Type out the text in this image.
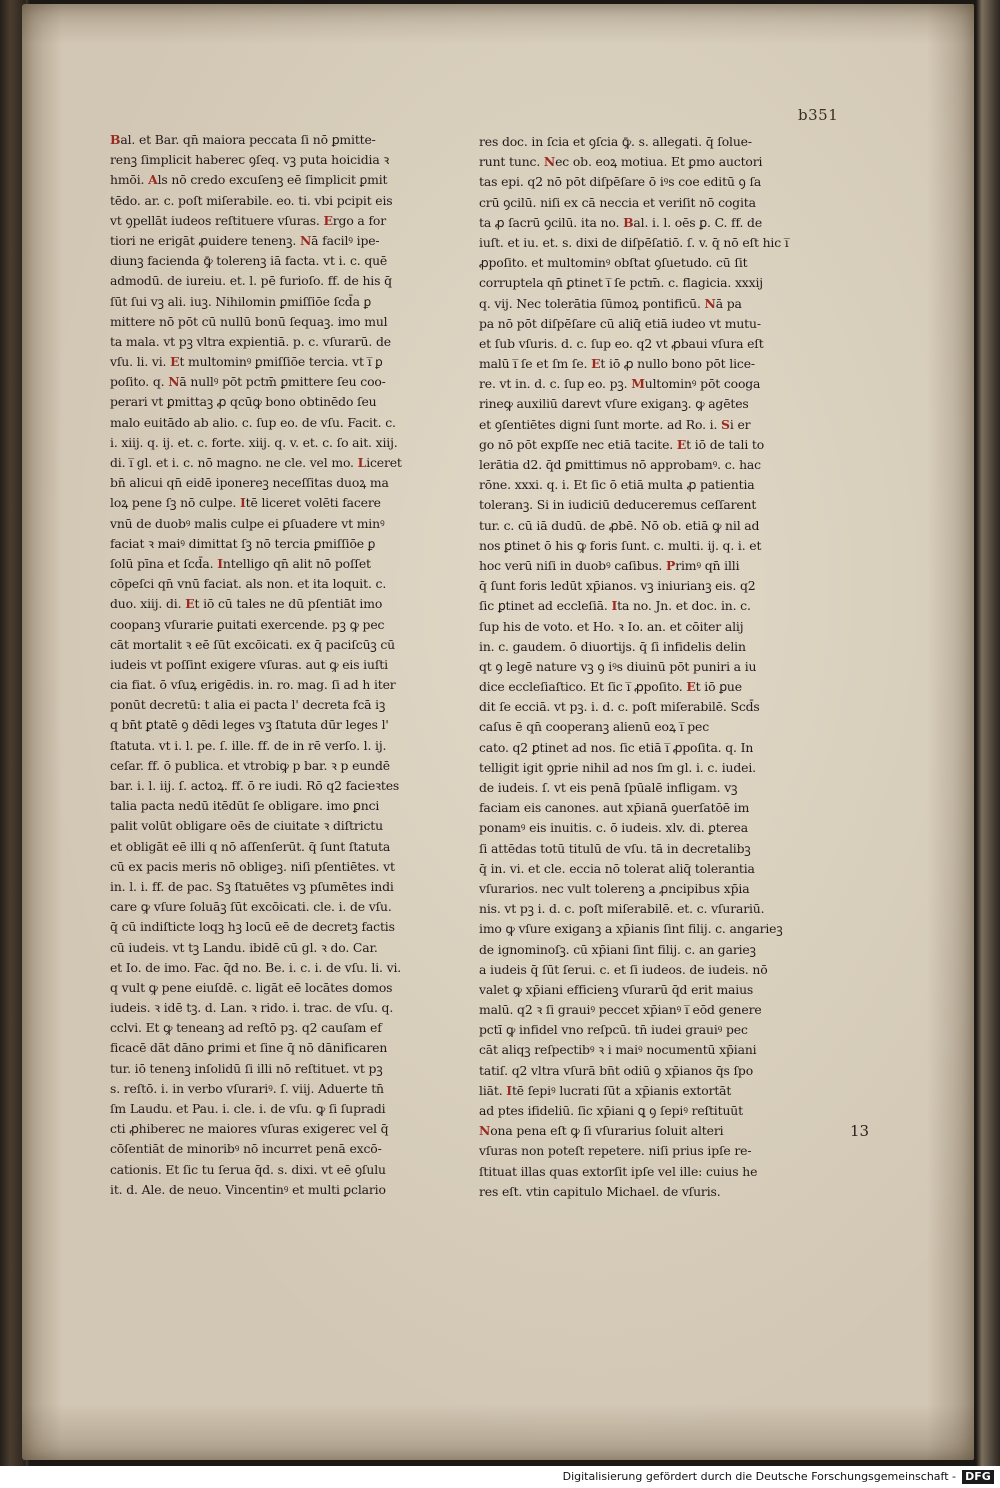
b351
Bal. et Bar. qn̄ maiora peccata ſi nō ꝑmitte-
renꝫ ſimplicit habereꞇ ꝯſeq. vꝫ puta hoicidia ꝛ
hmōi. Als nō credo excuſenꝫ eē ſimplicit ꝑmit
tēdo. ar. c. poſt miſerabile. eo. ti. vbi pcipit eis
vt ꝯpellāt iudeos reſtituere vſuras. Ergo a for
tiori ne erigāt ꝓuidere tenenꝫ. Nā facilꝰ ipe-
diunꝫ facienda ꝙ̄ tolerenꝫ iā facta. vt i. c. quē
admodū. de iureiu. et. l. pē furioſo. ff. de his q̄
ſūt ſui vꝫ ali. iuꝫ. Nihilomin ꝑmiſſiōe ſcd̄a ꝑ
mittere nō pōt cū nullū bonū ſequaꝫ. imo mul
ta mala. vt pꝫ vltra expientiā. p. c. vſurarū. de
vſu. li. vi. Et multominꝰ ꝑmiſſiōe tercia. vt i̅ ꝑ
poſito. q. Nā nullꝰ pōt pctm̄ ꝑmittere ſeu coo-
perari vt ꝑmittaꝫ ꝓ qcūꝙ bono obtinēdo ſeu
malo euitādo ab alio. c. ſup eo. de vſu. Facit. c.
i. xiij. q. ij. et. c. forte. xiij. q. v. et. c. ſo ait. xiij.
di. i̅ gl. et i. c. nō magno. ne cle. vel mo. Liceret
bn̄ alicui qn̄ eidē iponereꝫ neceſſitas duoꝝ ma
loꝝ pene ſꝫ nō culpe. Itē liceret volēti facere
vnū de duobꝰ malis culpe ei ꝑſuadere vt minꝰ
faciat ꝛ maiꝰ dimittat ſꝫ nō tercia ꝑmiſſiōe ꝑ
ſolū pīna et ſcd̄a. Intelligo qn̄ alit nō poſſet
cōpeſci qn̄ vnū faciat. als non. et ita loquit. c.
duo. xiij. di. Et iō cū tales ne dū pſentiāt imo
coopanꝫ vſurarie ꝑuitati exercende. pꝫ ꝙ pec
cāt mortalit ꝛ eē ſūt excōicati. ex q̄ paciſcūꝫ cū
iudeis vt poſſint exigere vſuras. aut ꝙ eis iuſti
cia fiat. ō vſuꝝ erigēdis. in. ro. mag. ſi ad h iter
ponūt decretū: t alia ei pacta l' decreta fcā iꝫ
q bn̄t ꝑtatē ꝯ dēdi leges vꝫ ſtatuta dūr leges l'
ſtatuta. vt i. l. pe. ſ. ille. ff. de in rē verſo. l. ij.
ceſar. ff. ō publica. et vtrobiꝙ p bar. ꝛ p eundē
bar. i. l. iij. ſ. actoꝝ. ff. ō re iudi. Rō q2 facieꝛtes
talia pacta nedū itēdūt ſe obligare. imo ꝑnci
palit volūt obligare oēs de ciuitate ꝛ diſtrictu
et obligāt eē illi q nō aſſenſerūt. q̄ ſunt ſtatuta
cū ex pacis meris nō obligeꝫ. niſi pſentiētes. vt
in. l. i. ff. de pac. Sꝫ ſtatuētes vꝫ pſumētes indi
care ꝙ vſure ſoluāꝫ ſūt excōicati. cle. i. de vſu.
q̄ cū indiſticte loqꝫ hꝫ locū eē de decretꝫ factis
cū iudeis. vt tꝫ Landu. ibidē cū gl. ꝛ do. Car.
et Io. de imo. Fac. q̄d no. Be. i. c. i. de vſu. li. vi.
q vult ꝙ pene eiuſdē. c. ligāt eē locātes domos
iudeis. ꝛ idē tꝫ. d. Lan. ꝛ rido. i. trac. de vſu. q.
cclvi. Et ꝙ teneanꝫ ad reſtō pꝫ. q2 cauſam ef
ficacē dāt dāno ꝑrimi et ſine q̄ nō dānificaren
tur. iō tenenꝫ inſolidū ſi illi nō reſtituet. vt pꝫ
s. reſtō. i. in verbo vſurariꝰ. ſ. viij. Aduerte tn̄
ſm Laudu. et Pau. i. cle. i. de vſu. ꝙ ſi ſupradi
cti ꝓhibereꞇ ne maiores vſuras exigereꞇ vel q̄
cōſentiāt de minoribꝰ nō incurret penā excō-
cationis. Et ſic tu ſerua q̄d. s. dixi. vt eē ꝯſulu
it. d. Ale. de neuo. Vincentinꝰ et multi ꝑclario
res doc. in ſcia et ꝯſcia ꝙ̄. s. allegati. q̄ ſolue-
runt tunc. Nec ob. eoꝝ motiua. Et ꝑmo auctori
tas epi. q2 nō pōt diſpēſare ō iꝰs coe editū ꝯ ſa
crū ꝯcilū. niſi ex cā neccia et veriſit nō cogita
ta ꝓ ſacrū ꝯcilū. ita no. Bal. i. l. oēs ꝑ. C. ff. de
iuſt. et iu. et. s. dixi de diſpēſatiō. ſ. v. q̄ nō eſt hic i̅
ꝓpoſito. et multominꝰ obſtat ꝯſuetudo. cū ſit
corruptela qn̄ ꝑtinet i̅ ſe pctm̄. c. flagicia. xxxij
q. vij. Nec tolerātia ſūmoꝝ pontificū. Nā pa
pa nō pōt diſpēſare cū aliq̄ etiā iudeo vt mutu-
et ſub vſuris. d. c. ſup eo. q2 vt ꝓbaui vſura eſt
malū i̅ ſe et ſm ſe. Et iō ꝓ nullo bono pōt lice-
re. vt in. d. c. ſup eo. pꝫ. Multominꝰ pōt cooga
rineꝙ auxiliū darevt vſure exiganꝫ. ꝙ agētes
et ꝯſentiētes digni ſunt morte. ad Ro. i. Si er
go nō pōt expſſe nec etiā tacite. Et iō de tali to
lerātia d2. q̄d ꝑmittimus nō approbamꝰ. c. hac
rōne. xxxi. q. i. Et ſic ō etiā multa ꝓ patientia
toleranꝫ. Si in iudiciū deduceremus ceſſarent
tur. c. cū iā dudū. de ꝓbē. Nō ob. etiā ꝙ nil ad
nos ꝑtinet ō his ꝙ foris ſunt. c. multi. ij. q. i. et
hoc verū niſi in duobꝰ caſibus. Primꝰ qn̄ illi
q̄ ſunt foris ledūt xp̄ianos. vꝫ iniurianꝫ eis. q2
ſic ꝑtinet ad eccleſiā. Ita no. Jn. et doc. in. c.
ſup his de voto. et Ho. ꝛ Io. an. et cōiter alij
in. c. gaudem. ō diuortijs. q̄ ſi infidelis delin
qt ꝯ legē nature vꝫ ꝯ iꝰs diuinū pōt puniri a iu
dice eccleſiaſtico. Et ſic i̅ ꝓpoſito. Et iō ꝑue
dit ſe ecciā. vt pꝫ. i. d. c. poſt miſerabilē. Scd̄s
caſus ē qn̄ cooperanꝫ alienū eoꝝ i̅ pec
cato. q2 ꝑtinet ad nos. ſic etiā i̅ ꝓpoſita. q. In
telligit igit ꝯprie nihil ad nos ſm gl. i. c. iudei.
de iudeis. ſ. vt eis penā ſpūalē infligam. vꝫ
faciam eis canones. aut xp̄ianā ꝯuerſatōē im
ponamꝰ eis inuitis. c. ō iudeis. xlv. di. ꝑterea
ſi attēdas totū titulū de vſu. tā in decretalibꝫ
q̄ in. vi. et cle. eccia nō tolerat aliq̄ tolerantia
vſurarios. nec vult tolerenꝫ a ꝓncipibus xp̄ia
nis. vt pꝫ i. d. c. poſt miſerabilē. et. c. vſurariū.
imo ꝙ vſure exiganꝫ a xp̄ianis ſint filij. c. angarieꝫ
de ignominoſꝫ. cū xp̄iani ſint filij. c. an garieꝫ
a iudeis q̄ ſūt ſerui. c. et ſi iudeos. de iudeis. nō
valet ꝙ xp̄iani efficienꝫ vſurarū q̄d erit maius
malū. q2 ꝛ ſi grauiꝰ peccet xp̄ianꝰ i̅ eōd genere
pctī ꝙ infidel vno reſpcū. tn̄ iudei grauiꝰ pec
cāt aliqꝫ reſpectibꝰ ꝛ i maiꝰ nocumentū xp̄iani
tatiſ. q2 vltra vſurā bn̄t odiū ꝯ xp̄ianos q̄s ſpo
liāt. Itē ſepiꝰ lucrati ſūt a xp̄ianis extortāt
ad ptes ifideliū. ſic xp̄iani ꝗ ꝯ ſepiꝰ reſtituūt
Nona pena eſt ꝙ ſi vſurarius ſoluit alteri
vſuras non poteſt repetere. niſi prius ipſe re-
ſtituat illas quas extorſit ipſe vel ille: cuius he
res eſt. vtin capitulo Michael. de vſuris.
13
Digitalisierung gefördert durch die Deutsche Forschungsgemeinschaft - DFG
